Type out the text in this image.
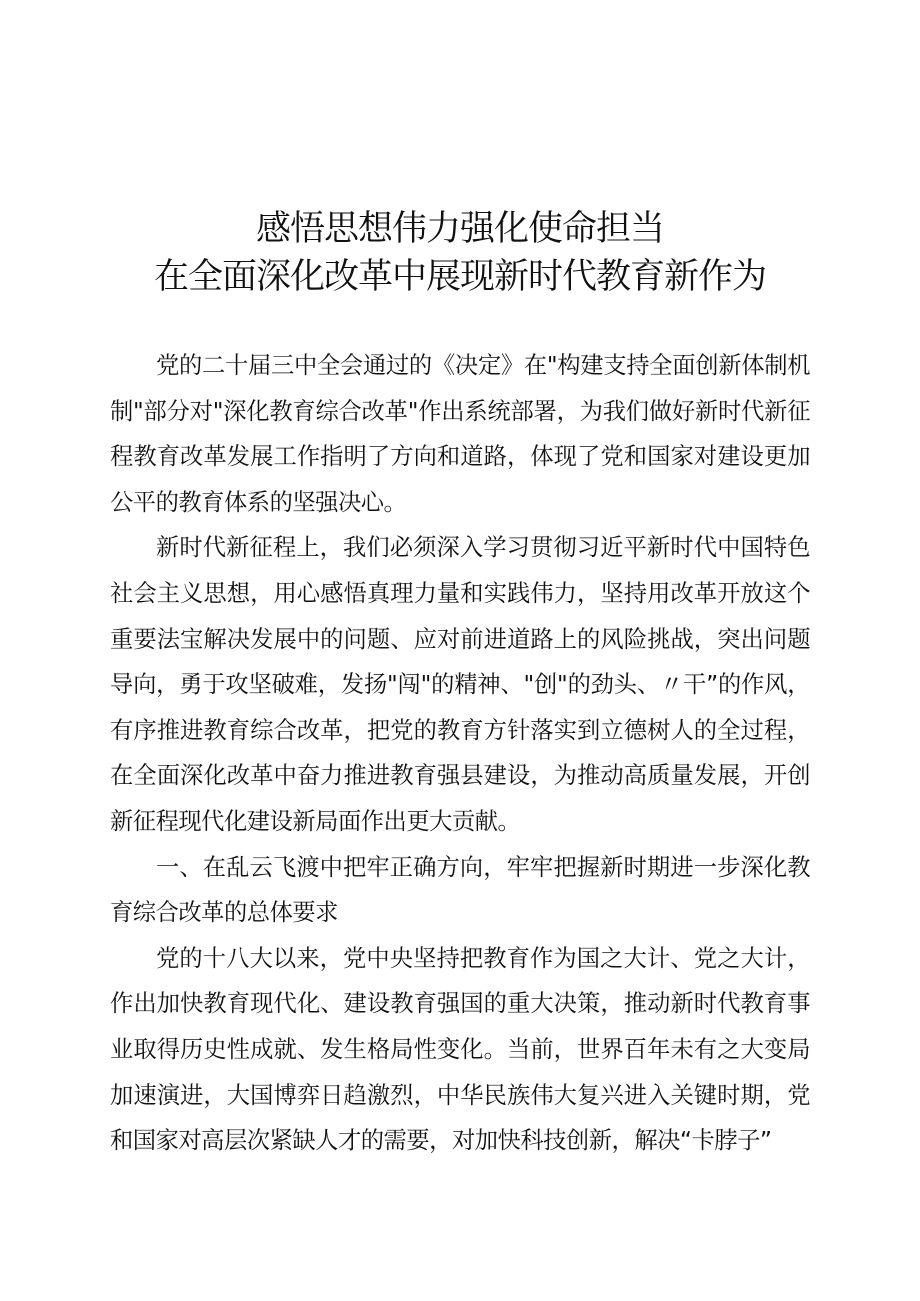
感悟思想伟力强化使命担当
在全面深化改革中展现新时代教育新作为

党的二十届三中全会通过的《决定》在"构建支持全面创新体制机制"部分对"深化教育综合改革"作出系统部署，为我们做好新时代新征程教育改革发展工作指明了方向和道路，体现了党和国家对建设更加公平的教育体系的坚强决心。

新时代新征程上，我们必须深入学习贯彻习近平新时代中国特色社会主义思想，用心感悟真理力量和实践伟力，坚持用改革开放这个重要法宝解决发展中的问题、应对前进道路上的风险挑战，突出问题导向，勇于攻坚破难，发扬"闯"的精神、"创"的劲头、〃干”的作风，有序推进教育综合改革，把党的教育方针落实到立德树人的全过程，在全面深化改革中奋力推进教育强县建设，为推动高质量发展，开创新征程现代化建设新局面作出更大贡献。

一、在乱云飞渡中把牢正确方向，牢牢把握新时期进一步深化教育综合改革的总体要求

党的十八大以来，党中央坚持把教育作为国之大计、党之大计，作出加快教育现代化、建设教育强国的重大决策，推动新时代教育事业取得历史性成就、发生格局性变化。当前，世界百年未有之大变局加速演进，大国博弈日趋激烈，中华民族伟大复兴进入关键时期，党和国家对高层次紧缺人才的需要，对加快科技创新，解决“卡脖子”
